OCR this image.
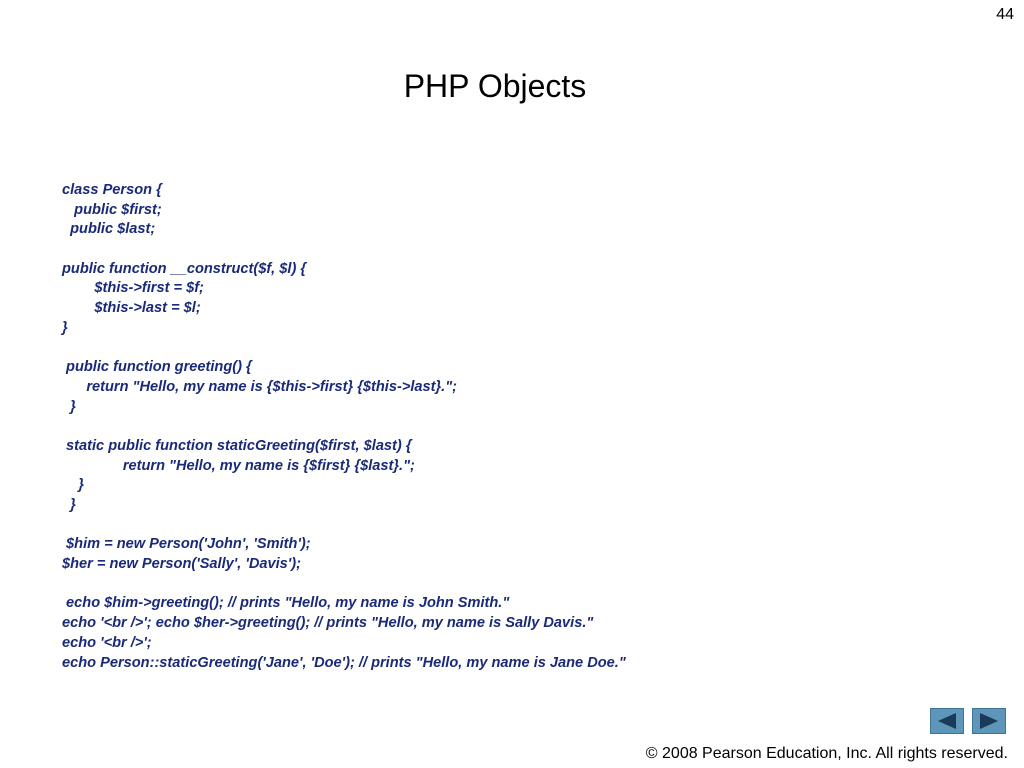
44
PHP Objects
class Person {
public $first;
public $last;
public function __construct($f, $l) {
$this->first = $f;
$this->last = $l;
}
public function greeting() {
return "Hello, my name is {$this->first} {$this->last}.";
}
static public function staticGreeting($first, $last) {
return "Hello, my name is {$first} {$last}.";
}
}
$him = new Person('John', 'Smith');
$her = new Person('Sally', 'Davis');
echo $him->greeting(); // prints "Hello, my name is John Smith."
echo '<br />'; echo $her->greeting(); // prints "Hello, my name is Sally Davis."
echo '<br />';
echo Person::staticGreeting('Jane', 'Doe'); // prints "Hello, my name is Jane Doe."
© 2008 Pearson Education, Inc. All rights reserved.
